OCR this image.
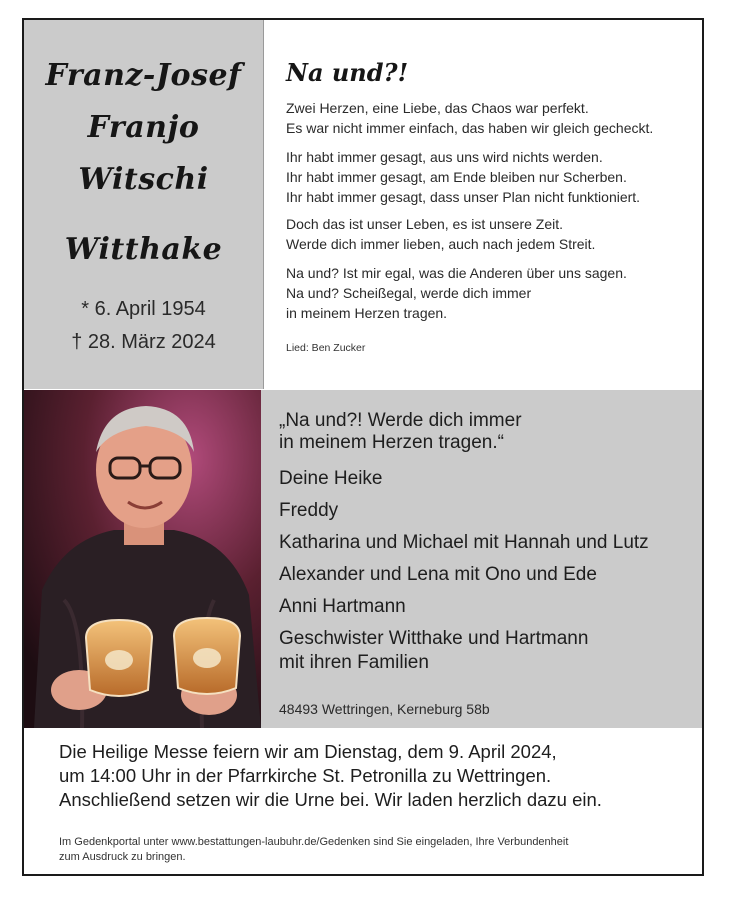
Franz-Josef
Franjo
Witschi
Witthake
* 6. April 1954
† 28. März 2024
Na und?!
Zwei Herzen, eine Liebe, das Chaos war perfekt.
Es war nicht immer einfach, das haben wir gleich gecheckt.
Ihr habt immer gesagt, aus uns wird nichts werden.
Ihr habt immer gesagt, am Ende bleiben nur Scherben.
Ihr habt immer gesagt, dass unser Plan nicht funktioniert.
Doch das ist unser Leben, es ist unsere Zeit.
Werde dich immer lieben, auch nach jedem Streit.
Na und? Ist mir egal, was die Anderen über uns sagen.
Na und? Scheißegal, werde dich immer
in meinem Herzen tragen.
Lied: Ben Zucker
„Na und?! Werde dich immer
in meinem Herzen tragen.“
Deine Heike
Freddy
Katharina und Michael mit Hannah und Lutz
Alexander und Lena mit Ono und Ede
Anni Hartmann
Geschwister Witthake und Hartmann
mit ihren Familien
48493 Wettringen, Kerneburg 58b
Die Heilige Messe feiern wir am Dienstag, dem 9. April 2024,
um 14:00 Uhr in der Pfarrkirche St. Petronilla zu Wettringen.
Anschließend setzen wir die Urne bei. Wir laden herzlich dazu ein.
Im Gedenkportal unter www.bestattungen-laubuhr.de/Gedenken sind Sie eingeladen, Ihre Verbundenheit
zum Ausdruck zu bringen.
